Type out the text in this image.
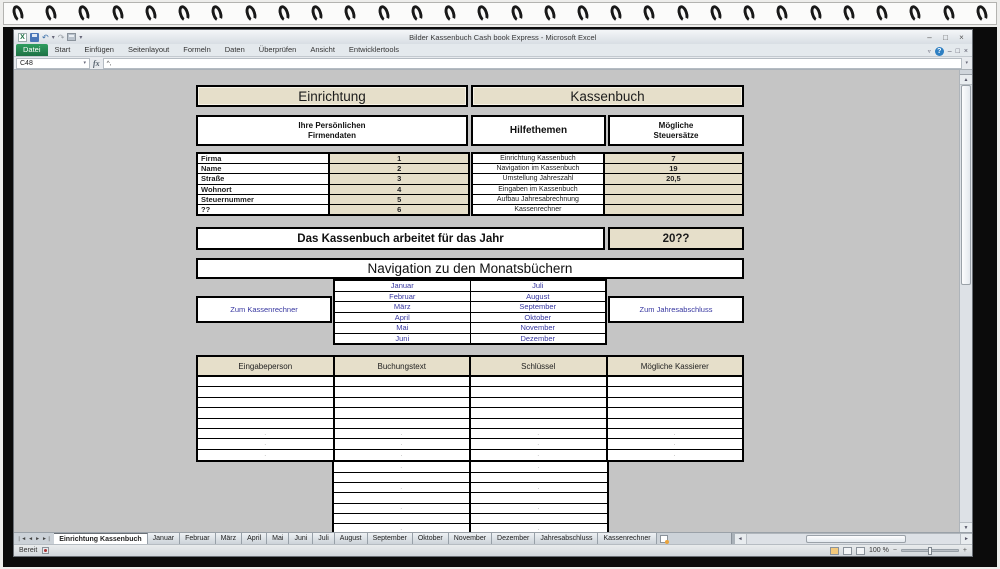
X ↶ ▾ ↷	▾	Bilder Kassenbuch Cash book Express - Microsoft Excel	–	□	×
Datei	Start	Einfügen	Seitenlayout	Formeln	Daten	Überprüfen	Ansicht	Entwicklertools	▿ ? – □ ×
C48	▾ fx	^,	▾
Einrichtung	Kassenbuch
Ihre Persönlichen
Firmendaten	Hilfethemen	Mögliche
Steuersätze
Firma	1
Name	2
Straße	3
Wohnort	4
Steuernummer	5
??	6
Einrichtung Kassenbuch	7
Navigation im Kassenbuch	19
Umstellung Jahreszahl	20,5
Eingaben im Kassenbuch
Aufbau Jahresabrechnung
Kassenrechner
Das Kassenbuch arbeitet für das Jahr	20??
Navigation zu den Monatsbüchern
Januar	Juli
Februar	August
März	September
April	Oktober
Mai	November
Juni	Dezember
Zum Kassenrechner	Zum Jahresabschluss
Eingabeperson	Buchungstext	Schlüssel	Mögliche Kassierer
.	.	.	.
.	.	.	.
.	.	.	.
.	.
.	.
.	.
.	.
▲
▼
❘◄ ◄ ► ►❘	Einrichtung Kassenbuch	Januar	Februar	März	April	Mai	Juni	Juli	August	September	Oktober	November	Dezember	Jahresabschluss	Kassenrechner	◄	►
Bereit	100 % −	+
